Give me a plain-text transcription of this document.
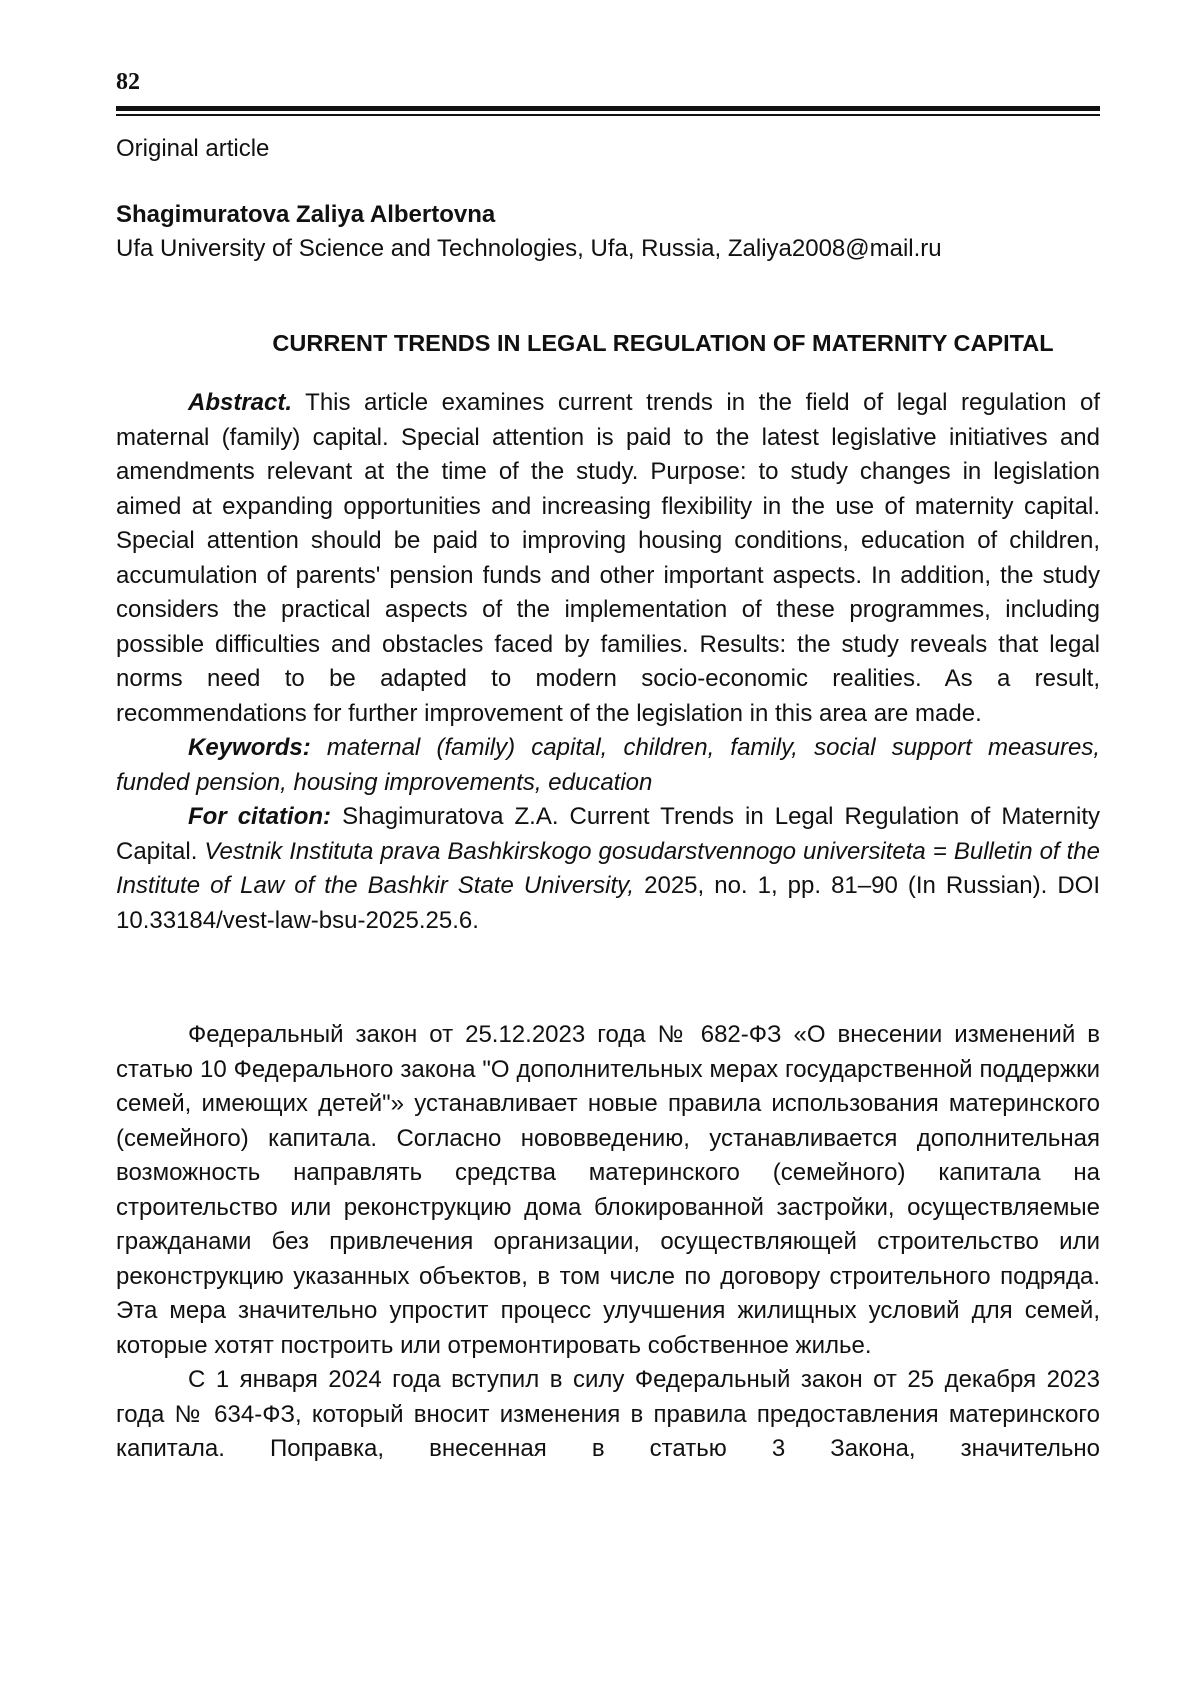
82
Original article
Shagimuratova Zaliya Albertovna
Ufa University of Science and Technologies, Ufa, Russia, Zaliya2008@mail.ru
CURRENT TRENDS IN LEGAL REGULATION OF MATERNITY CAPITAL

Abstract. This article examines current trends in the field of legal regulation of maternal (family) capital. Special attention is paid to the latest legislative initiatives and amendments relevant at the time of the study. Purpose: to study changes in legislation aimed at expanding opportunities and increasing flexibility in the use of maternity capital. Special attention should be paid to improving housing conditions, education of children, accumulation of parents' pension funds and other important aspects. In addition, the study considers the practical aspects of the implementation of these programmes, including possible difficulties and obstacles faced by families. Results: the study reveals that legal norms need to be adapted to modern socio-economic realities. As a result, recommendations for further improvement of the legislation in this area are made.

Keywords: maternal (family) capital, children, family, social support measures, funded pension, housing improvements, education

For citation: Shagimuratova Z.A. Current Trends in Legal Regulation of Maternity Capital. Vestnik Instituta prava Bashkirskogo gosudarstvennogo universiteta = Bulletin of the Institute of Law of the Bashkir State University, 2025, no. 1, pp. 81–90 (In Russian). DOI 10.33184/vest-law-bsu-2025.25.6.

Федеральный закон от 25.12.2023 года № 682-ФЗ «О внесении изменений в статью 10 Федерального закона "О дополнительных мерах государственной поддержки семей, имеющих детей"» устанавливает новые правила использования материнского (семейного) капитала. Согласно нововведению, устанавливается дополнительная возможность направлять средства материнского (семейного) капитала на строительство или реконструкцию дома блокированной застройки, осуществляемые гражданами без привлечения организации, осуществляющей строительство или реконструкцию указанных объектов, в том числе по договору строительного подряда. Эта мера значительно упростит процесс улучшения жилищных условий для семей, которые хотят построить или отремонтировать собственное жилье.

С 1 января 2024 года вступил в силу Федеральный закон от 25 декабря 2023 года № 634-ФЗ, который вносит изменения в правила предоставления материнского капитала. Поправка, внесенная в статью 3 Закона, значительно
